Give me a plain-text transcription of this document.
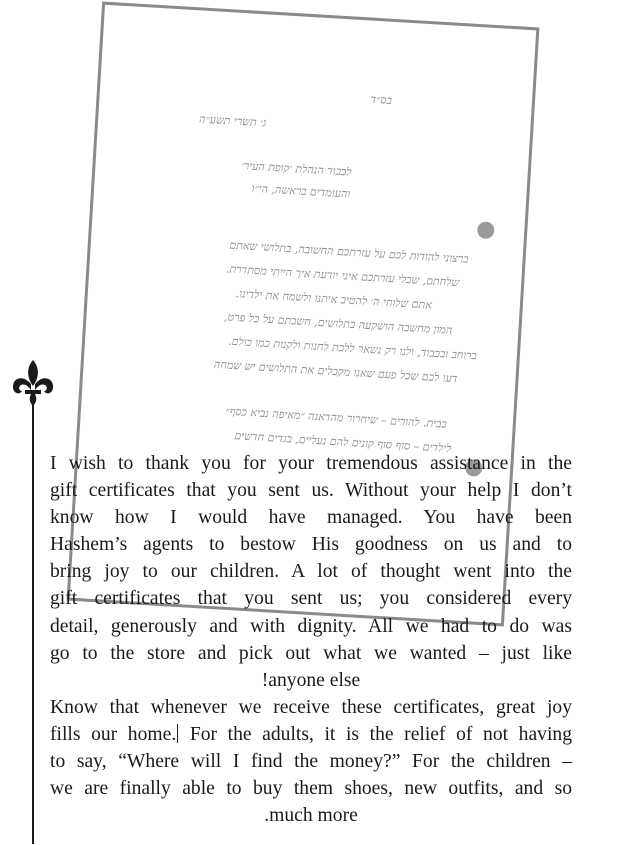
בס״ד

ג׳ תשרי תשע״ה

לכבוד הנהלת ׳קופת העיר׳

והעומדים בראשה, הי״ו

ברצוני להודות לכם על עזרתכם החשובה, בתלושי שאתם

שלחתם, שבלי עזרתכם איני יודעת איך הייתי מסתדרת.

אתם שלוחי ה׳ להטיב איתנו ולשמח את ילדינו.

המון מחשבה הושקעה בתלושים, חשבתם על כל פרט,

ברוחב ובכבוד, ולנו רק נשאר ללכת לחנות ולקנות כמו כולם.

דעו לכם שכל פעם שאנו מקבלים את התלושים יש שמחה

בבית. להורים – שיחרור מהדאגה ״מאיפה נביא כסף״

לילדים – סוף סוף קונים להם נעליים, בגדים חדשים

I wish to thank you for your tremendous assistance in the
gift certificates that you sent us. Without your help I don’t
know how I would have managed. You have been
Hashem’s agents to bestow His goodness on us and to
bring joy to our children. A lot of thought went into the
gift certificates that you sent us; you considered every
detail, generously and with dignity. All we had to do was
go to the store and pick out what we wanted – just like
!anyone else
Know that whenever we receive these certificates, great joy
fills our home. For the adults, it is the relief of not having
to say, “Where will I find the money?” For the children –
we are finally able to buy them shoes, new outfits, and so
.much more
